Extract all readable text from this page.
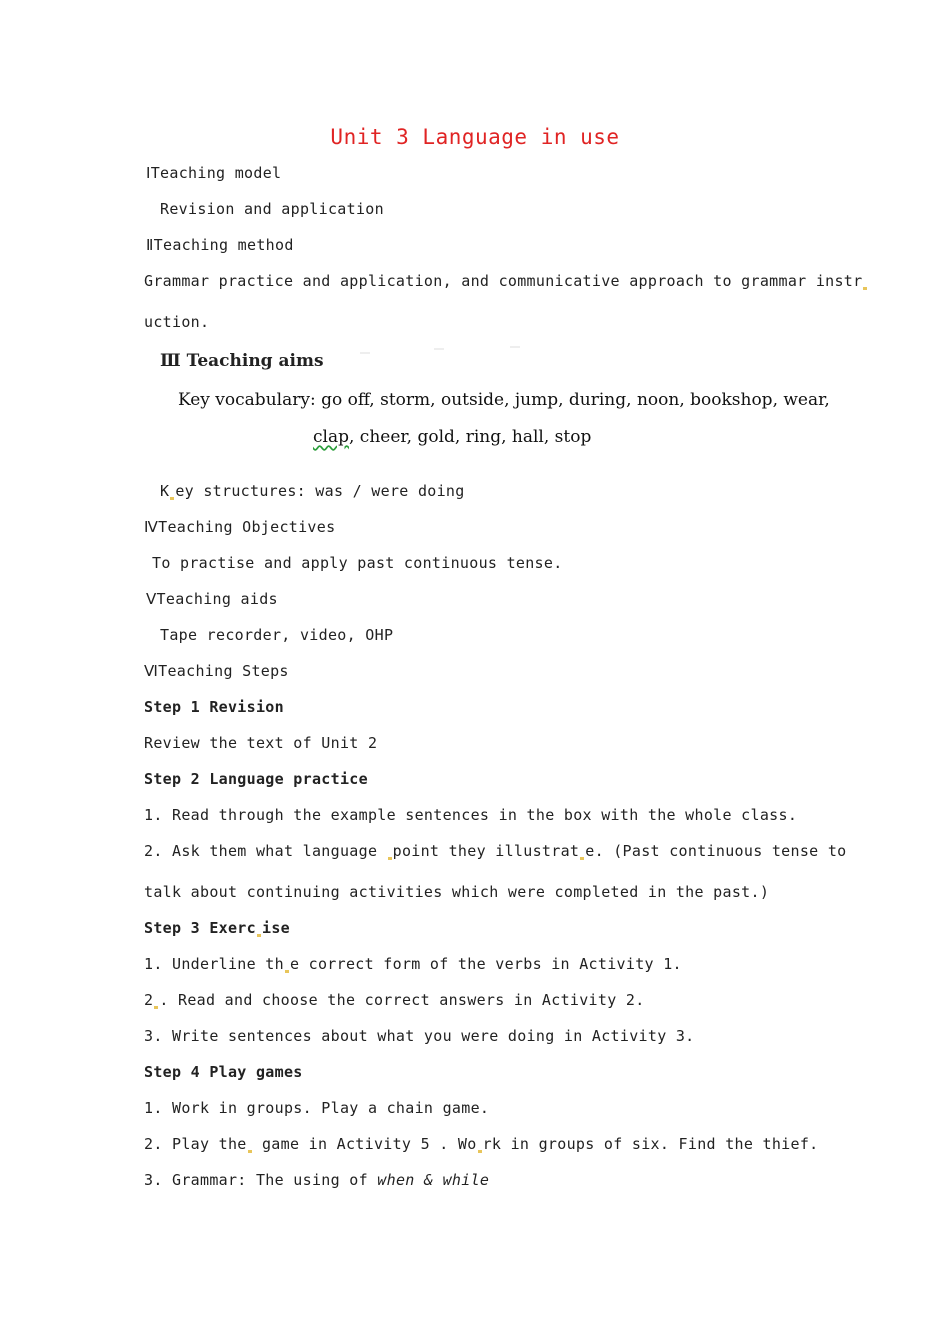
Unit 3 Language in use
ⅠTeaching model
Revision and application
ⅡTeaching method
Grammar practice and application, and communicative approach to grammar instr
uction.
Ⅲ Teaching aims
Key vocabulary: go off, storm, outside, jump, during, noon, bookshop, wear,
clap, cheer, gold, ring, hall, stop
K ey structures: was / were doing
ⅣTeaching Objectives
To practise and apply past continuous tense.
ⅤTeaching aids
Tape recorder, video, OHP
ⅥTeaching Steps
Step 1 Revision
Review the text of Unit 2
Step 2 Language practice
1. Read through the example sentences in the box with the whole class.
2. Ask them what language point they illustrat e. (Past continuous tense to
talk about continuing activities which were completed in the past.)
Step 3 Exerc ise
1. Underline th e correct form of the verbs in Activity 1.
2 . Read and choose the correct answers in Activity 2.
3. Write sentences about what you were doing in Activity 3.
Step 4 Play games
1. Work in groups. Play a chain game.
2. Play the game in Activity 5 . Wo rk in groups of six. Find the thief.
3. Grammar: The using of when & while
